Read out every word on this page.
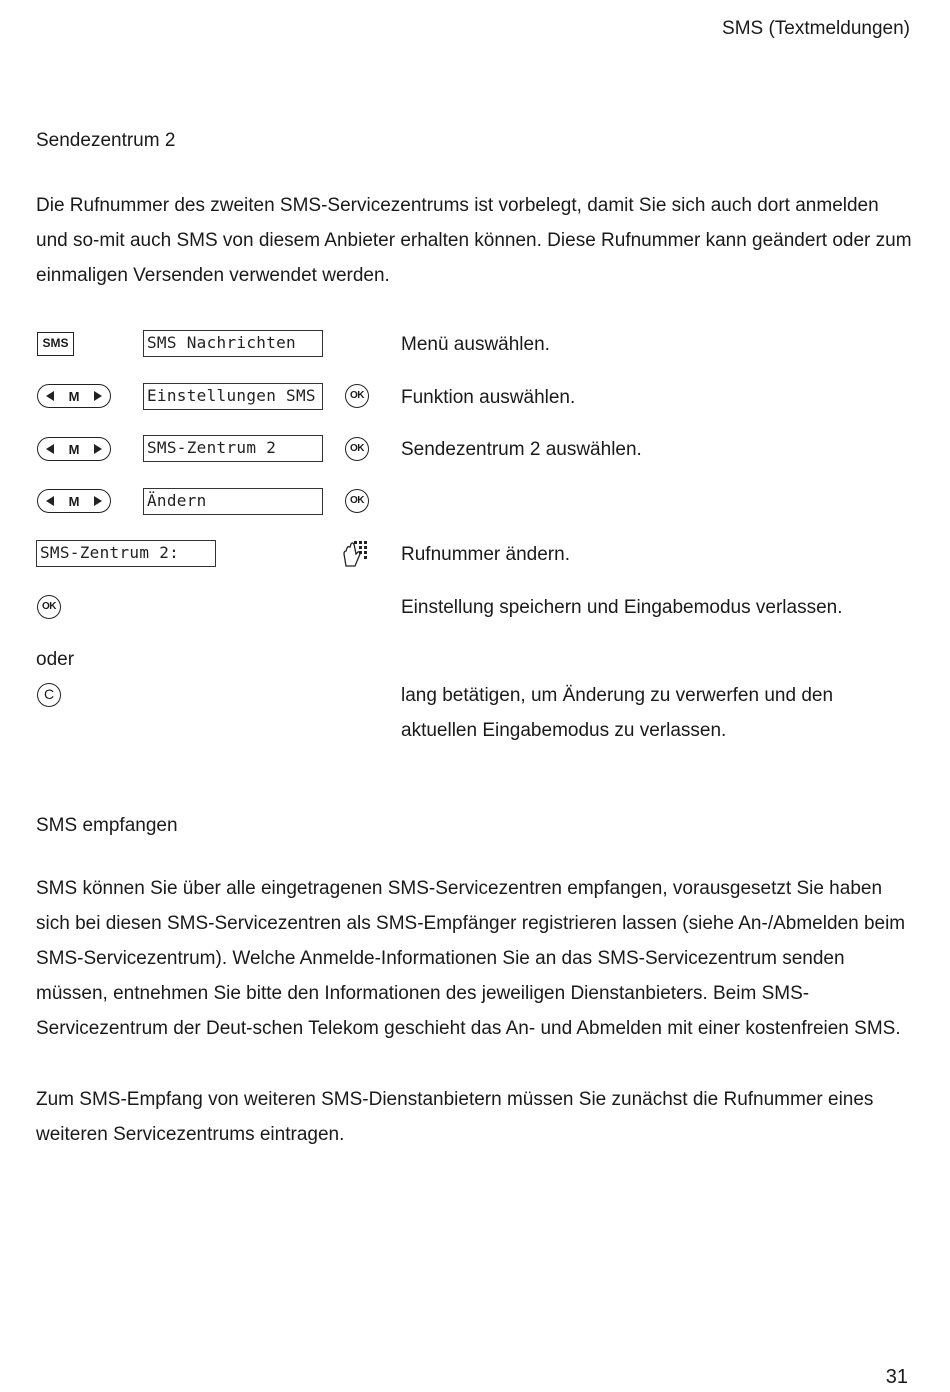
SMS (Textmeldungen)
Sendezentrum 2

Die Rufnummer des zweiten SMS-Servicezentrums ist vorbelegt, damit Sie sich auch dort anmelden und so-mit auch SMS von diesem Anbieter erhalten können. Diese Rufnummer kann geändert oder zum einmaligen Versenden verwendet werden.

SMS	SMS Nachrichten	Menü auswählen.
M	Einstellungen SMS	OK Funktion auswählen.
M	SMS-Zentrum 2	OK Sendezentrum 2 auswählen.
M	Ändern	OK
SMS-Zentrum 2:	Rufnummer ändern.
OK	Einstellung speichern und Eingabemodus verlassen.
oder
C	lang betätigen, um Änderung zu verwerfen und den aktuellen Eingabemodus zu verlassen.
SMS empfangen

SMS können Sie über alle eingetragenen SMS-Servicezentren empfangen, vorausgesetzt Sie haben sich bei diesen SMS-Servicezentren als SMS-Empfänger registrieren lassen (siehe An-/Abmelden beim SMS-Servicezentrum). Welche Anmelde-Informationen Sie an das SMS-Servicezentrum senden müssen, entnehmen Sie bitte den Informationen des jeweiligen Dienstanbieters. Beim SMS-Servicezentrum der Deut-schen Telekom geschieht das An- und Abmelden mit einer kostenfreien SMS.

Zum SMS-Empfang von weiteren SMS-Dienstanbietern müssen Sie zunächst die Rufnummer eines weiteren Servicezentrums eintragen.

31
